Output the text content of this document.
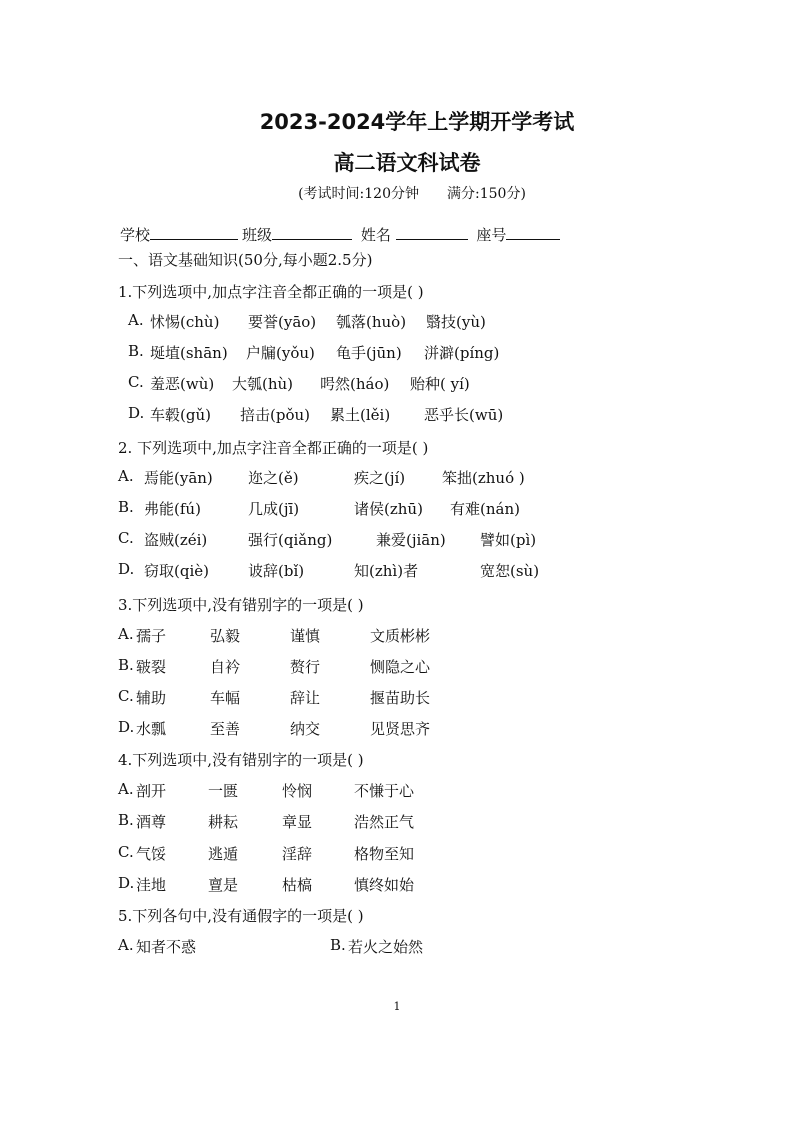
2023-2024学年上学期开学考试
高二语文科试卷
(考试时间:120分钟 满分:150分)
学校	班级	姓名	座号
一、语文基础知识(50分,每小题2.5分)
1.下列选项中,加点字注音全都正确的一项是( )
A. 怵惕(chù) 要誉(yāo) 瓠落(huò) 翳技(yù)
B. 埏埴(shān) 户牖(yǒu) 龟手(jūn) 洴澼(píng)
C. 羞恶(wù) 大瓠(hù) 呺然(háo) 贻种( yí)
D. 车毂(gǔ) 掊击(pǒu) 累土(lěi) 恶乎长(wū)
2. 下列选项中,加点字注音全都正确的一项是( )
A. 焉能(yān) 迩之(ě)	疾之(jí) 笨拙(zhuó )
B. 弗能(fú)	几成(jī)	诸侯(zhū) 有难(nán)
C. 盗贼(zéi)	强行(qiǎng)	兼爱(jiān) 譬如(pì)
D. 窃取(qiè)	诐辞(bǐ)	知(zhì)者	宽恕(sù)
3.下列选项中,没有错别字的一项是( )
A. 孺子	弘毅	谨慎	文质彬彬
B. 皲裂	自衿	赘行	恻隐之心
C. 辅助	车幅	辞让	揠苗助长
D. 水瓢	至善	纳交	见贤思齐
4.下列选项中,没有错别字的一项是( )
A. 剖开	一匮	怜悯	不慊于心
B. 酒尊	耕耘	章显	浩然正气
C. 气馁	逃遁	淫辞	格物至知
D. 洼地	亶是	枯槁	慎终如始
5.下列各句中,没有通假字的一项是( )
A. 知者不惑	B. 若火之始然
1
